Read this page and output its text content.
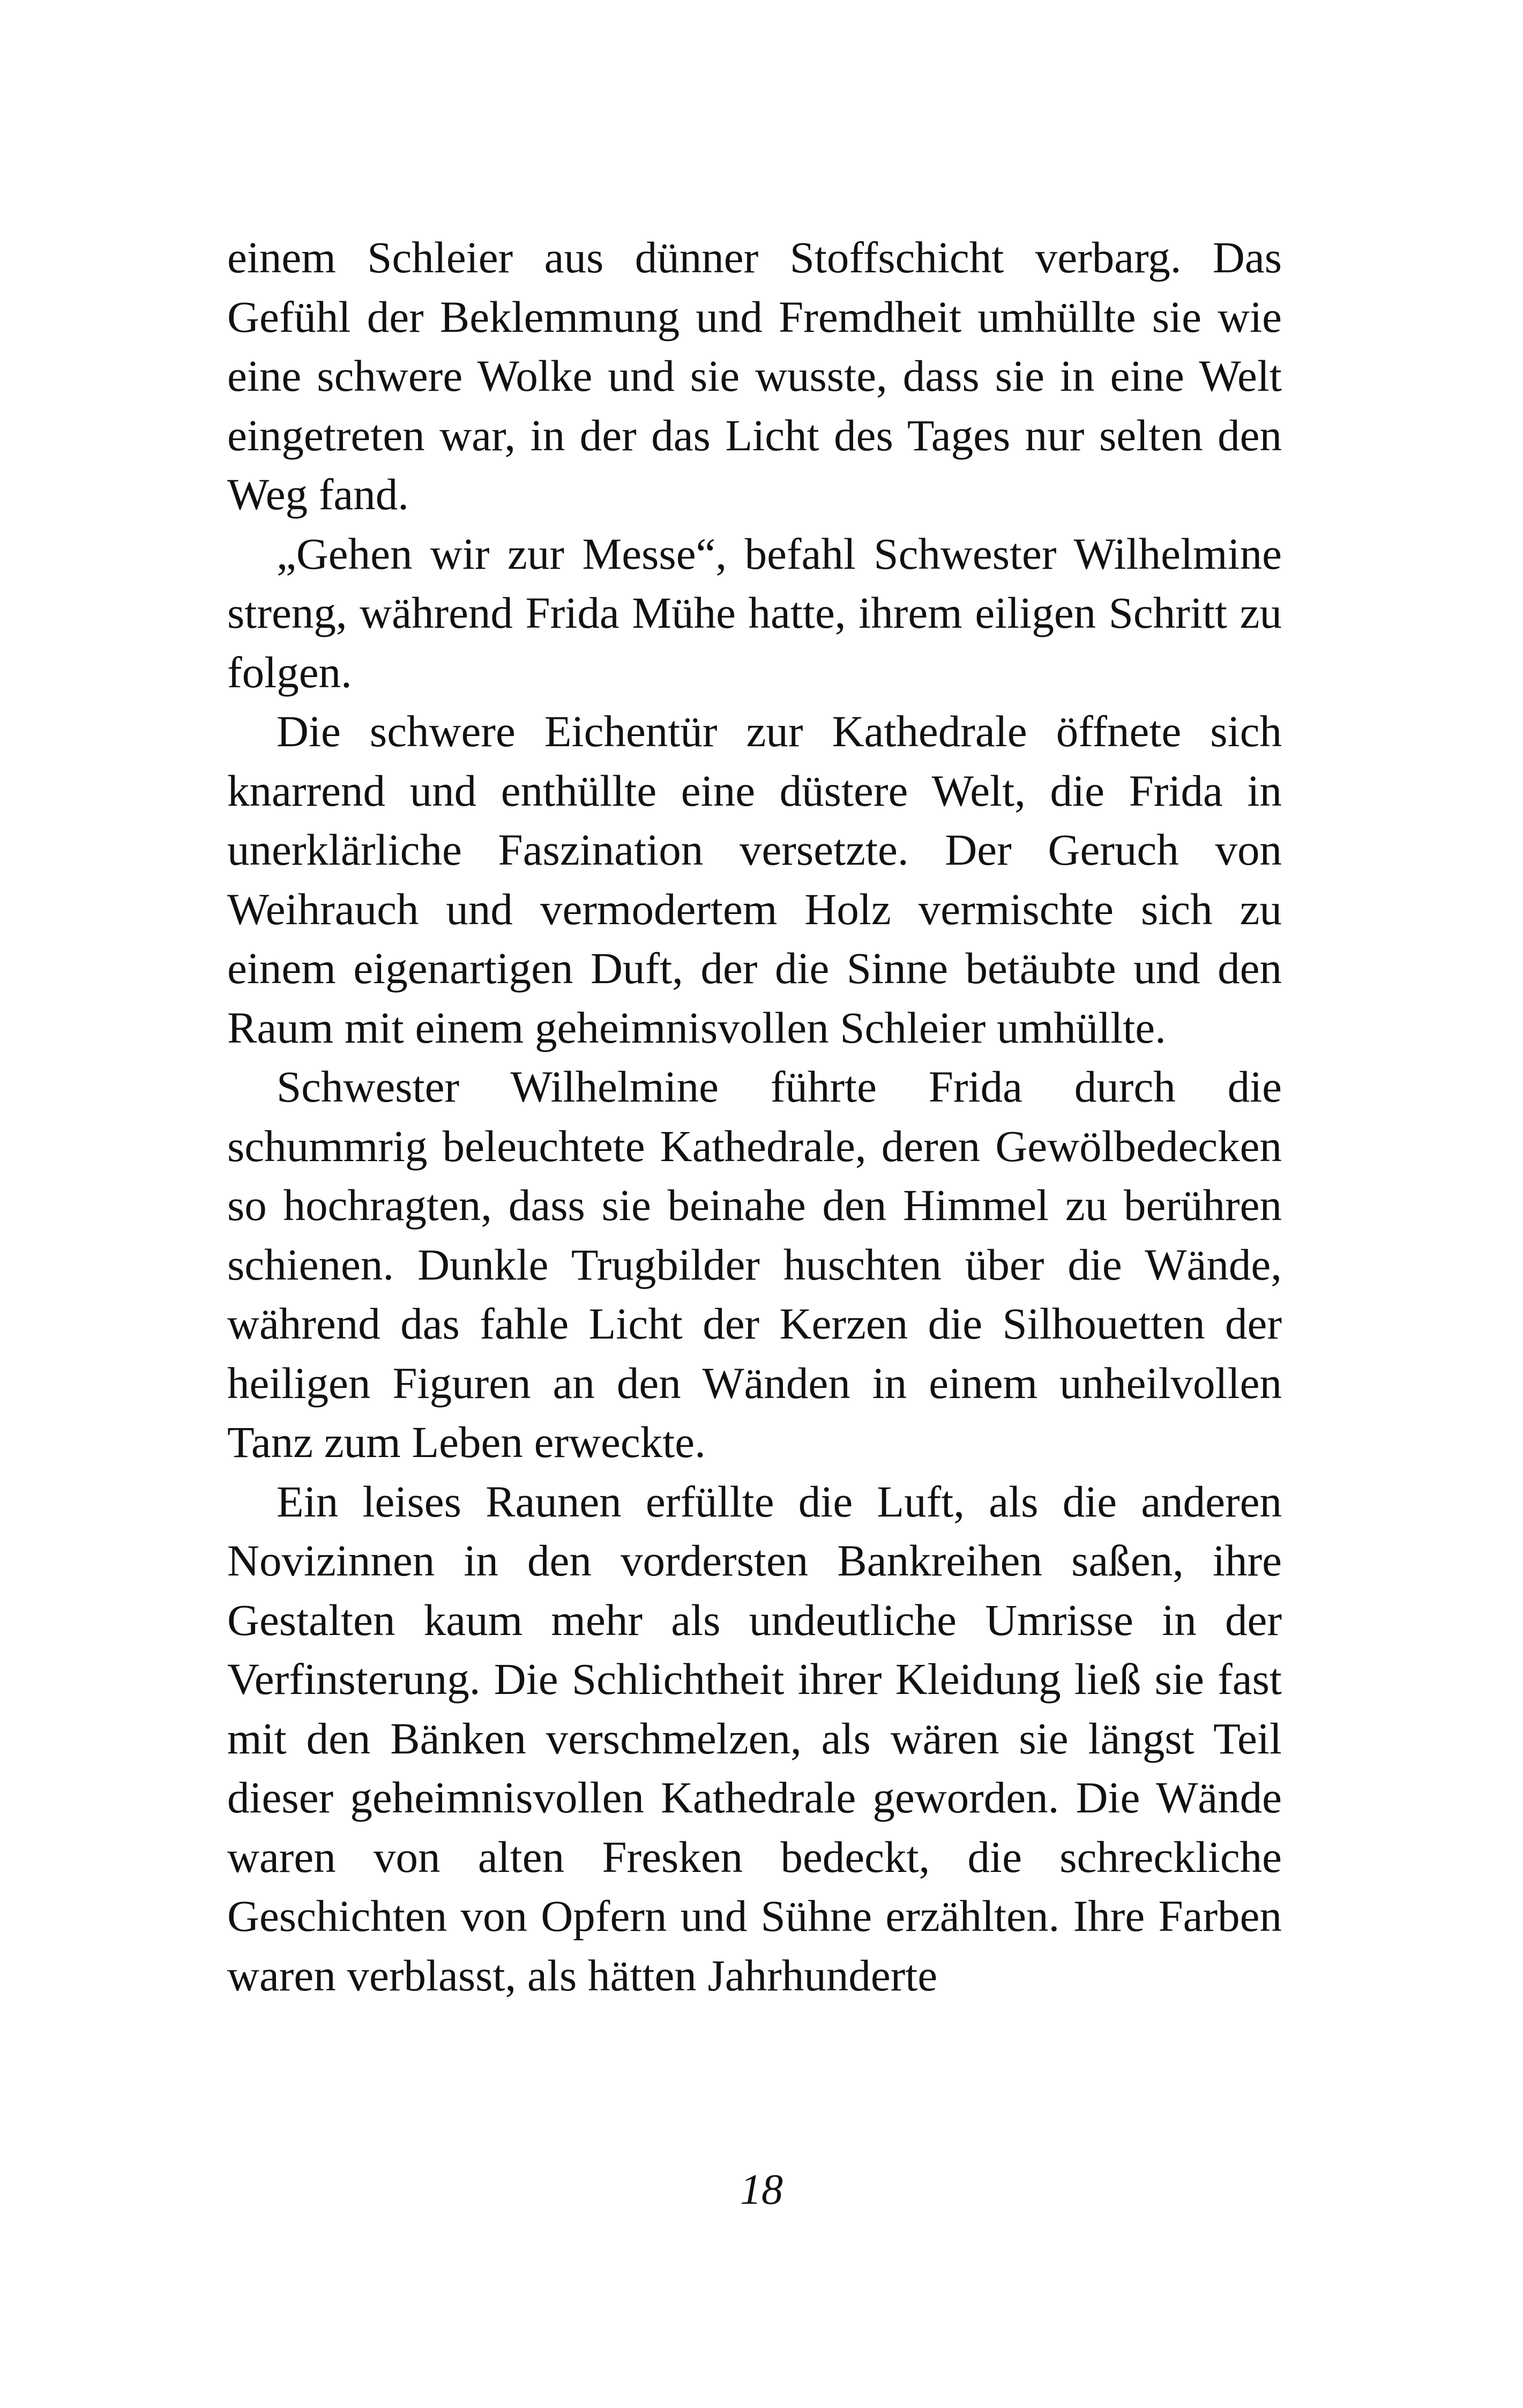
einem Schleier aus dünner Stoffschicht verbarg. Das Gefühl der Beklemmung und Fremdheit umhüllte sie wie eine schwere Wolke und sie wusste, dass sie in eine Welt eingetreten war, in der das Licht des Tages nur selten den Weg fand.

„Gehen wir zur Messe“, befahl Schwester Wilhelmine streng, während Frida Mühe hatte, ihrem eiligen Schritt zu folgen.

Die schwere Eichentür zur Kathedrale öffnete sich knarrend und enthüllte eine düstere Welt, die Frida in unerklärliche Faszination versetzte. Der Geruch von Weihrauch und vermodertem Holz vermischte sich zu einem eigenartigen Duft, der die Sinne betäubte und den Raum mit einem geheimnisvollen Schleier umhüllte.

Schwester Wilhelmine führte Frida durch die schummrig beleuchtete Kathedrale, deren Gewölbedecken so hochragten, dass sie beinahe den Himmel zu berühren schienen. Dunkle Trugbilder huschten über die Wände, während das fahle Licht der Kerzen die Silhouetten der heiligen Figuren an den Wänden in einem unheilvollen Tanz zum Leben erweckte.

Ein leises Raunen erfüllte die Luft, als die anderen Novizinnen in den vordersten Bankreihen saßen, ihre Gestalten kaum mehr als undeutliche Umrisse in der Verfinsterung. Die Schlichtheit ihrer Kleidung ließ sie fast mit den Bänken verschmelzen, als wären sie längst Teil dieser geheimnisvollen Kathedrale geworden. Die Wände waren von alten Fresken bedeckt, die schreckliche Geschichten von Opfern und Sühne erzählten. Ihre Farben waren verblasst, als hätten Jahrhunderte

18
